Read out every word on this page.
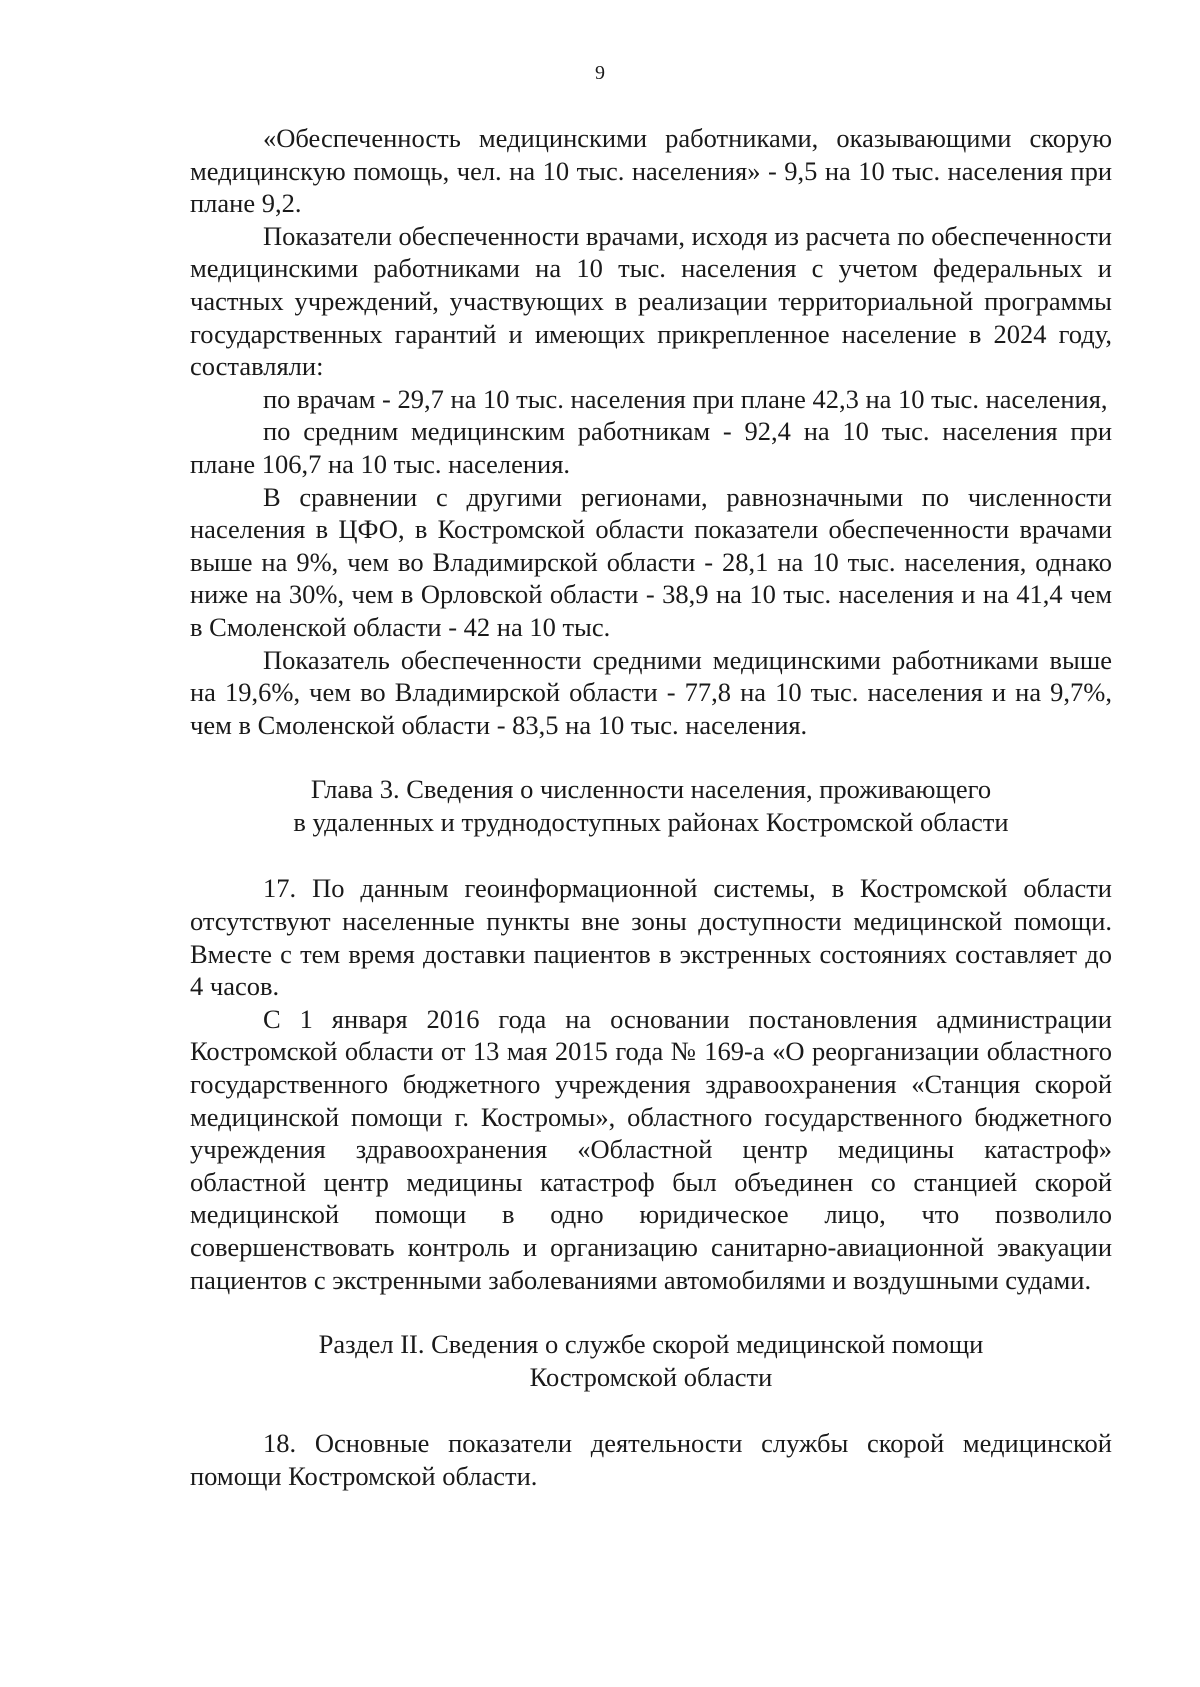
9

«Обеспеченность медицинскими работниками, оказывающими скорую медицинскую помощь, чел. на 10 тыс. населения» - 9,5 на 10 тыс. населения при плане 9,2.

Показатели обеспеченности врачами, исходя из расчета по обеспеченности медицинскими работниками на 10 тыс. населения с учетом федеральных и частных учреждений, участвующих в реализации территориальной программы государственных гарантий и имеющих прикрепленное население в 2024 году, составляли:

по врачам - 29,7 на 10 тыс. населения при плане 42,3 на 10 тыс. населения,

по средним медицинским работникам - 92,4 на 10 тыс. населения при плане 106,7 на 10 тыс. населения.

В сравнении с другими регионами, равнозначными по численности населения в ЦФО, в Костромской области показатели обеспеченности врачами выше на 9%, чем во Владимирской области - 28,1 на 10 тыс. населения, однако ниже на 30%, чем в Орловской области - 38,9 на 10 тыс. населения и на 41,4 чем в Смоленской области - 42 на 10 тыс.

Показатель обеспеченности средними медицинскими работниками выше на 19,6%, чем во Владимирской области - 77,8 на 10 тыс. населения и на 9,7%, чем в Смоленской области - 83,5 на 10 тыс. населения.

Глава 3. Сведения о численности населения, проживающего
в удаленных и труднодоступных районах Костромской области

17. По данным геоинформационной системы, в Костромской области отсутствуют населенные пункты вне зоны доступности медицинской помощи. Вместе с тем время доставки пациентов в экстренных состояниях составляет до 4 часов.

С 1 января 2016 года на основании постановления администрации Костромской области от 13 мая 2015 года № 169-а «О реорганизации областного государственного бюджетного учреждения здравоохранения «Станция скорой медицинской помощи г. Костромы», областного государственного бюджетного учреждения здравоохранения «Областной центр медицины катастроф» областной центр медицины катастроф был объединен со станцией скорой медицинской помощи в одно юридическое лицо, что позволило совершенствовать контроль и организацию санитарно-авиационной эвакуации пациентов с экстренными заболеваниями автомобилями и воздушными судами.

Раздел II. Сведения о службе скорой медицинской помощи
Костромской области

18. Основные показатели деятельности службы скорой медицинской помощи Костромской области.
